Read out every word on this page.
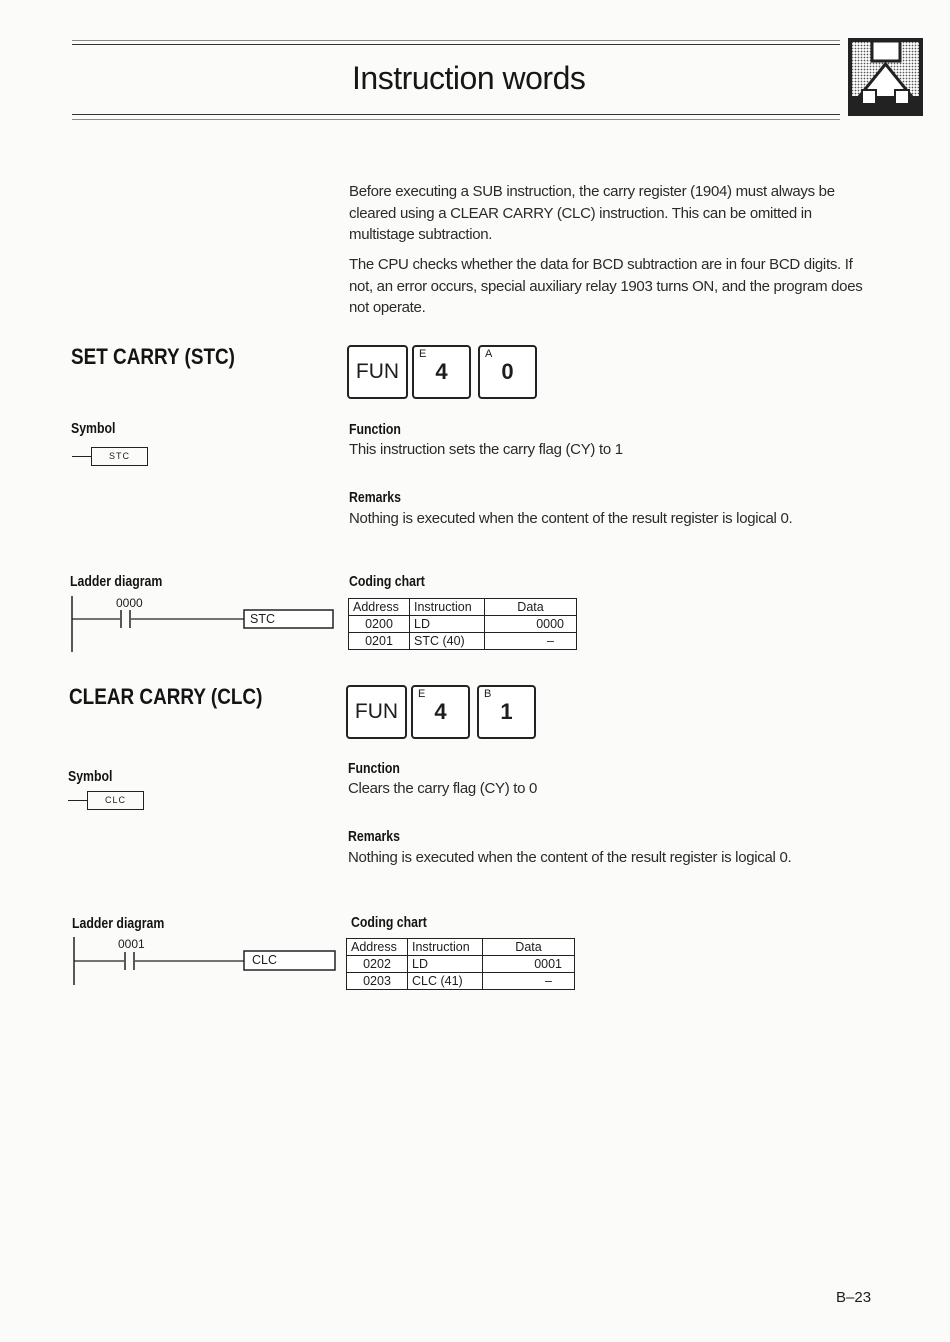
Instruction words
Before executing a SUB instruction, the carry register (1904) must always be cleared using a CLEAR CARRY (CLC) instruction. This can be omitted in multistage subtraction.
The CPU checks whether the data for BCD subtraction are in four BCD digits. If not, an error occurs, special auxiliary relay 1903 turns ON, and the program does not operate.
SET CARRY (STC)
FUN
E
4
A
0
Symbol
STC
Function
This instruction sets the carry flag (CY) to 1
Remarks
Nothing is executed when the content of the result register is logical 0.
Ladder diagram
0000
STC
Coding chart
Address	Instruction	Data
0200	LD	0000
0201	STC (40)	–
CLEAR CARRY (CLC)
FUN
E
4
B
1
Symbol
CLC
Function
Clears the carry flag (CY) to 0
Remarks
Nothing is executed when the content of the result register is logical 0.
Ladder diagram
0001
CLC
Coding chart
Address	Instruction	Data
0202	LD	0001
0203	CLC (41)	–
B–23
